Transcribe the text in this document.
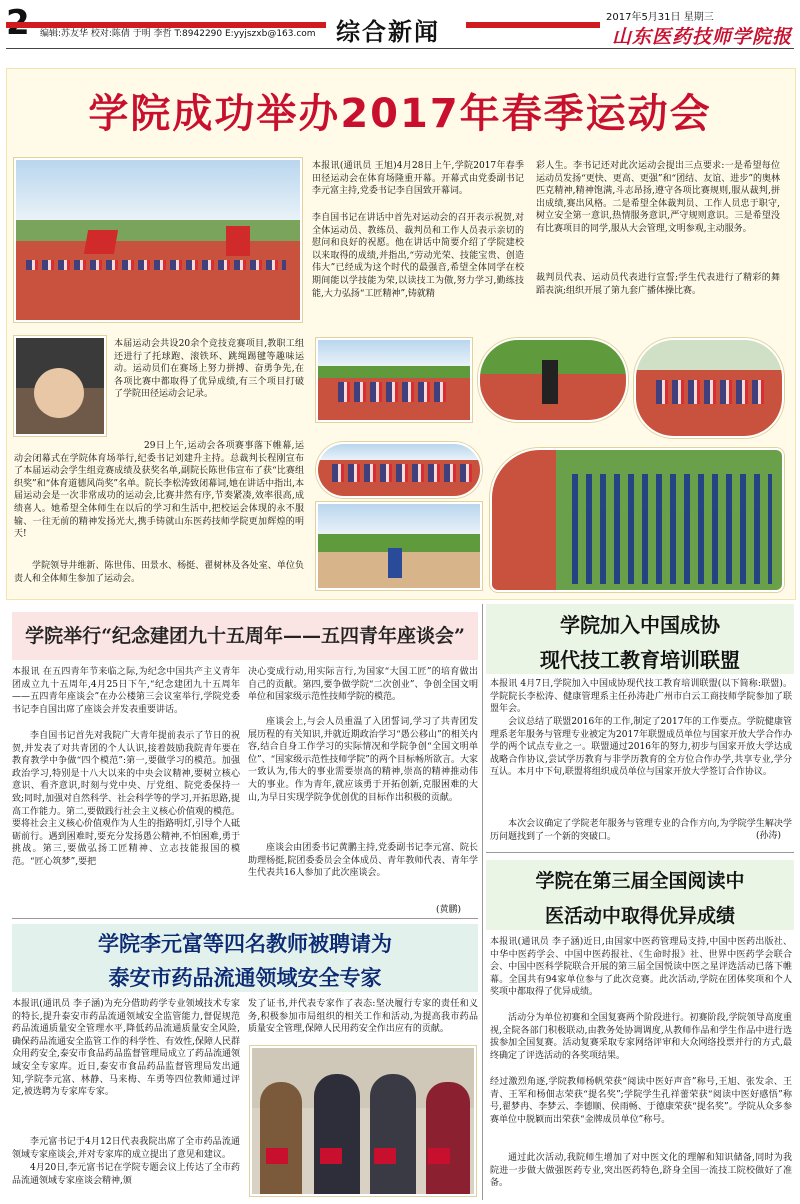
编辑:苏友华 校对:陈倩 于明 李哲 T:8942290 E:yyjszxb@163.com 综合新闻	2017年5月31日 星期三
山东医药技师学院报
学院成功举办2017年春季运动会

本报讯(通讯员 王旭)4月28日上午,学院2017年春季田径运动会在体育场隆重开幕。开幕式由党委副书记李元富主持,党委书记李自国致开幕词。

李自国书记在讲话中首先对运动会的召开表示祝贺,对全体运动员、教练员、裁判员和工作人员表示亲切的慰问和良好的祝愿。他在讲话中简要介绍了学院建校以来取得的成绩,并指出,“劳动光荣、技能宝贵、创造伟大”已经成为这个时代的最强音,希望全体同学在校期间能以学技能为荣,以读技工为傲,努力学习,勤练技能,大力弘扬“工匠精神”,铸就精

彩人生。李书记还对此次运动会提出三点要求:一是希望每位运动员发扬“更快、更高、更强”和“团结、友谊、进步”的奥林匹克精神,精神饱满,斗志昂扬,遵守各项比赛规则,服从裁判,拼出成绩,赛出风格。二是希望全体裁判员、工作人员忠于职守,树立安全第一意识,热情服务意识,严守规则意识。三是希望没有比赛项目的同学,服从大会管理,文明参观,主动服务。

裁判员代表、运动员代表进行宣誓;学生代表进行了精彩的舞蹈表演;组织开展了第九套广播体操比赛。

本届运动会共设20余个竞技竞赛项目,教职工组还进行了托球跑、滚铁环、跳绳踢毽等趣味运动。运动员们在赛场上努力拼搏、奋勇争先,在各项比赛中都取得了优异成绩,有三个项目打破了学院田径运动会记录。

29日上午,运动会各项赛事落下帷幕,运动会闭幕式在学院体育场举行,纪委书记刘建升主持。总裁判长程刚宣布了本届运动会学生组竞赛成绩及获奖名单,副院长陈世伟宣布了获“比赛组织奖”和“体育道德风尚奖”名单。院长李松涛致闭幕词,她在讲话中指出,本届运动会是一次非常成功的运动会,比赛井然有序,节奏紧凑,效率很高,成绩喜人。她希望全体师生在以后的学习和生活中,把校运会体现的永不服输、一往无前的精神发扬光大,携手铸就山东医药技师学院更加辉煌的明天!

学院领导井维新、陈世伟、田景水、杨挺、翟树林及各处室、单位负责人和全体师生参加了运动会。

学院举行“纪念建团九十五周年——五四青年座谈会”

本报讯 在五四青年节来临之际,为纪念中国共产主义青年团成立九十五周年,4月25日下午,“纪念建团九十五周年——五四青年座谈会”在办公楼第三会议室举行,学院党委书记李自国出席了座谈会并发表重要讲话。

李自国书记首先对我院广大青年提前表示了节日的祝贺,并发表了对共青团的个人认识,接着鼓励我院青年要在教育教学中争做“四个模范”:第一,要做学习的模范。加强政治学习,特别是十八大以来的中央会议精神,要树立核心意识、看齐意识,时刻与党中央、厅党组、院党委保持一致;同时,加强对自然科学、社会科学等的学习,开拓思路,提高工作能力。第二,要做践行社会主义核心价值观的模范。要将社会主义核心价值观作为人生的指路明灯,引导个人砥砺前行。遇到困难时,要充分发扬愚公精神,不怕困难,勇于挑战。第三,要做弘扬工匠精神、立志技能报国的模范。“匠心筑梦”,要把

决心变成行动,用实际言行,为国家“大国工匠”的培育做出自己的贡献。第四,要争做学院“二次创业”、争创全国文明单位和国家级示范性技师学院的模范。

座谈会上,与会人员重温了入团誓词,学习了共青团发展历程的有关知识,并就近期政治学习“愚公移山”的相关内容,结合自身工作学习的实际情况和学院争创“全国文明单位”、“国家级示范性技师学院”的两个目标畅所欲言。大家一致认为,伟大的事业需要崇高的精神,崇高的精神推动伟大的事业。作为青年,就应该勇于开拓创新,克服困难的大山,为早日实现学院争优创优的目标作出积极的贡献。

座谈会由团委书记黄鹏主持,党委副书记李元富、院长助理杨挺,院团委委员会全体成员、青年教师代表、青年学生代表共16人参加了此次座谈会。

(黄鹏)
学院加入中国成协
现代技工教育培训联盟

本报讯 4月7日,学院加入中国成协现代技工教育培训联盟(以下简称:联盟)。学院院长李松涛、健康管理系主任孙涛赴广州市白云工商技师学院参加了联盟年会。

会议总结了联盟2016年的工作,制定了2017年的工作要点。学院健康管理系老年服务与管理专业被定为2017年联盟成员单位与国家开放大学合作办学的两个试点专业之一。联盟通过2016年的努力,初步与国家开放大学达成战略合作协议,尝试学历教育与非学历教育的全方位合作办学,共享专业,学分互认。本月中下旬,联盟将组织成员单位与国家开放大学签订合作协议。

本次会议确定了学院老年服务与管理专业的合作方向,为学院学生解决学历问题找到了一个新的突破口。	(孙涛)
学院李元富等四名教师被聘请为
泰安市药品流通领域安全专家

本报讯(通讯员 李子涵)为充分借助药学专业领域技术专家的特长,提升泰安市药品流通领域安全监管能力,督促规范药品流通质量安全管理水平,降低药品流通质量安全风险,确保药品流通安全监管工作的科学性、有效性,保障人民群众用药安全,泰安市食品药品监督管理局成立了药品流通领域安全专家库。近日,泰安市食品药品监督管理局发出通知,学院李元富、林静、马来梅、车勇等四位教师通过评定,被选聘为专家库专家。

李元富书记于4月12日代表我院出席了全市药品流通领域专家座谈会,并对专家库的成立提出了意见和建议。

4月20日,李元富书记在学院专题会议上传达了全市药品流通领域专家座谈会精神,颁

发了证书,并代表专家作了表态:坚决履行专家的责任和义务,积极参加市局组织的相关工作和活动,为提高我市药品质量安全管理,保障人民用药安全作出应有的贡献。

学院在第三届全国阅读中
医活动中取得优异成绩

本报讯(通讯员 李子涵)近日,由国家中医药管理局支持,中国中医药出版社、中华中医药学会、中国中医药报社、《生命时报》社、世界中医药学会联合会、中国中医科学院联合开展的第三届全国悦读中医之星评选活动已落下帷幕。全国共有94家单位参与了此次竞赛。此次活动,学院在团体奖项和个人奖项中都取得了优异成绩。

活动分为单位初赛和全国复赛两个阶段进行。初赛阶段,学院领导高度重视,全院各部门积极联动,由教务处协调调度,从教师作品和学生作品中进行选拔参加全国复赛。活动复赛采取专家网络评审和大众网络投票并行的方式,最终确定了评选活动的各奖项结果。

经过激烈角逐,学院教师杨帆荣获“阅读中医好声音”称号,王旭、张发余、王青、王军和杨佃志荣获“提名奖”;学院学生孔祥蕾荣获“阅读中医好感悟”称号,翟梦冉、李梦云、李德顺、侯雨畅、于德康荣获“提名奖”。学院从众多参赛单位中脱颖而出荣获“金牌成员单位”称号。

通过此次活动,我院师生增加了对中医文化的理解和知识储备,同时为我院进一步做大做强医药专业,突出医药特色,跻身全国一流技工院校做好了准备。
